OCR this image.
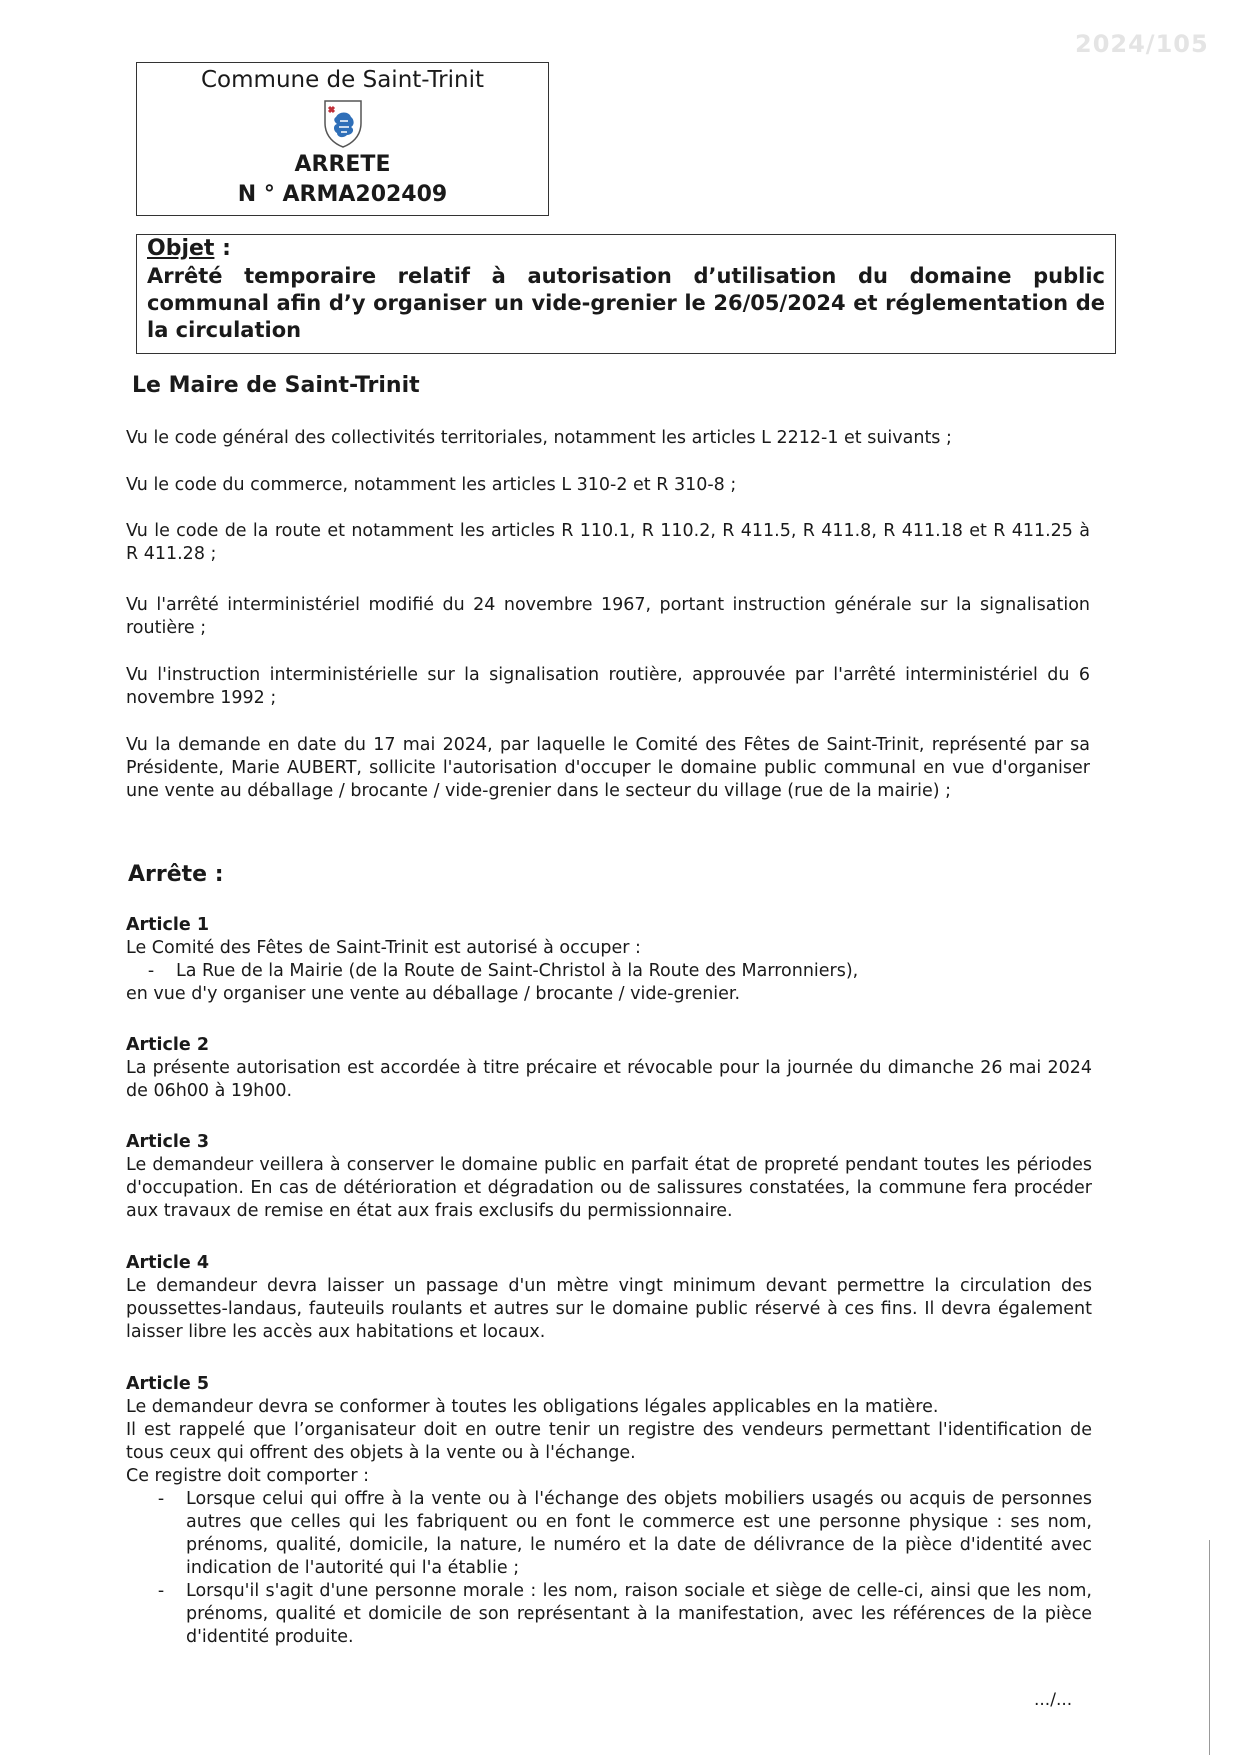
2024/105
Commune de Saint-Trinit
ARRETE
N ° ARMA202409
Objet :
Arrêté temporaire relatif à autorisation d’utilisation du domaine public communal afin d’y organiser un vide-grenier le 26/05/2024 et réglementation de la circulation
Le Maire de Saint-Trinit

Vu le code général des collectivités territoriales, notamment les articles L 2212-1 et suivants ;

Vu le code du commerce, notamment les articles L 310-2 et R 310-8 ;

Vu le code de la route et notamment les articles R 110.1, R 110.2, R 411.5, R 411.8, R 411.18 et R 411.25 à R 411.28 ;

Vu l'arrêté interministériel modifié du 24 novembre 1967, portant instruction générale sur la signalisation routière ;

Vu l'instruction interministérielle sur la signalisation routière, approuvée par l'arrêté interministériel du 6 novembre 1992 ;

Vu la demande en date du 17 mai 2024, par laquelle le Comité des Fêtes de Saint-Trinit, représenté par sa Présidente, Marie AUBERT, sollicite l'autorisation d'occuper le domaine public communal en vue d'organiser une vente au déballage / brocante / vide-grenier dans le secteur du village (rue de la mairie) ;

Arrête :

Article 1

Le Comité des Fêtes de Saint-Trinit est autorisé à occuper :

-	La Rue de la Mairie (de la Route de Saint-Christol à la Route des Marronniers),

en vue d'y organiser une vente au déballage / brocante / vide-grenier.

Article 2

La présente autorisation est accordée à titre précaire et révocable pour la journée du dimanche 26 mai 2024 de 06h00 à 19h00.

Article 3

Le demandeur veillera à conserver le domaine public en parfait état de propreté pendant toutes les périodes d'occupation. En cas de détérioration et dégradation ou de salissures constatées, la commune fera procéder aux travaux de remise en état aux frais exclusifs du permissionnaire.

Article 4

Le demandeur devra laisser un passage d'un mètre vingt minimum devant permettre la circulation des poussettes-landaus, fauteuils roulants et autres sur le domaine public réservé à ces fins. Il devra également laisser libre les accès aux habitations et locaux.

Article 5

Le demandeur devra se conformer à toutes les obligations légales applicables en la matière.

Il est rappelé que l’organisateur doit en outre tenir un registre des vendeurs permettant l'identification de tous ceux qui offrent des objets à la vente ou à l'échange.

Ce registre doit comporter :

-	Lorsque celui qui offre à la vente ou à l'échange des objets mobiliers usagés ou acquis de personnes autres que celles qui les fabriquent ou en font le commerce est une personne physique : ses nom, prénoms, qualité, domicile, la nature, le numéro et la date de délivrance de la pièce d'identité avec indication de l'autorité qui l'a établie ;
-	Lorsqu'il s'agit d'une personne morale : les nom, raison sociale et siège de celle-ci, ainsi que les nom, prénoms, qualité et domicile de son représentant à la manifestation, avec les références de la pièce d'identité produite.
.../...
